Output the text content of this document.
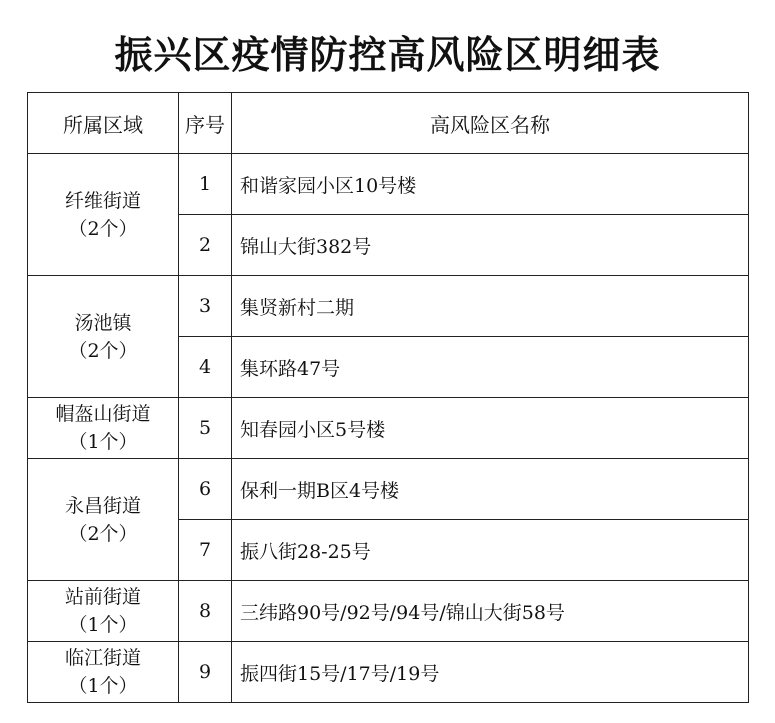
振兴区疫情防控高风险区明细表
所属区域	序号	高风险区名称
纤维街道
（2个）	1	和谐家园小区10号楼
	2	锦山大街382号
汤池镇
（2个）	3	集贤新村二期
	4	集环路47号
帽盔山街道
（1个）	5	知春园小区5号楼
永昌街道
（2个）	6	保利一期B区4号楼
	7	振八街28-25号
站前街道
（1个）	8	三纬路90号/92号/94号/锦山大街58号
临江街道
（1个）	9	振四街15号/17号/19号
